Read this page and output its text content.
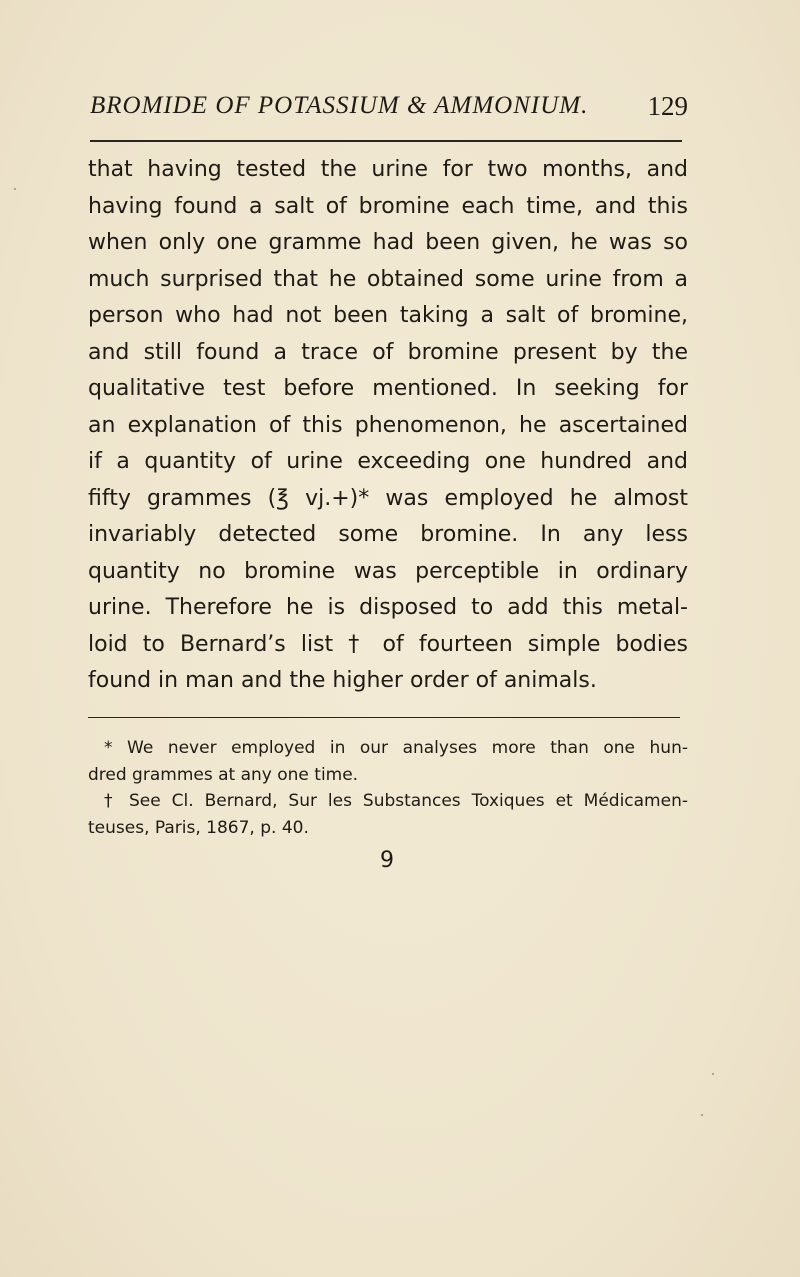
BROMIDE OF POTASSIUM & AMMONIUM. 129
that having tested the urine for two months, and
having found a salt of bromine each time, and this
when only one gramme had been given, he was so
much surprised that he obtained some urine from a
person who had not been taking a salt of bromine,
and still found a trace of bromine present by the
qualitative test before mentioned. In seeking for
an explanation of this phenomenon, he ascertained
if a quantity of urine exceeding one hundred and
fifty grammes (℥ vj.+)* was employed he almost
invariably detected some bromine. In any less
quantity no bromine was perceptible in ordinary
urine. Therefore he is disposed to add this metal-
loid to Bernard’s list † of fourteen simple bodies
found in man and the higher order of animals.
* We never employed in our analyses more than one hun-
dred grammes at any one time.
† See Cl. Bernard, Sur les Substances Toxiques et Médicamen-
teuses, Paris, 1867, p. 40.
9
